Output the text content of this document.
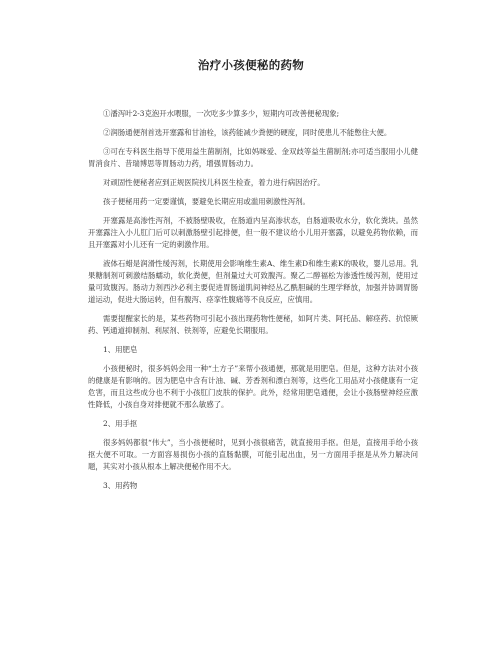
治疗小孩便秘的药物

①潘泻叶2-3克泡开水喂服，一次吃多少算多少，短期内可改善便秘现象;

②润肠通便剂首选开塞露和甘油栓，该药能减少粪便的硬度，同时使患儿不能憋住大便。

③可在专科医生指导下使用益生菌制剂，比如妈咪爱、金双歧等益生菌制剂;亦可适当服用小儿健胃消食片、昔瑞博思等胃肠动力药，增强胃肠动力。

对顽固性便秘者应到正规医院找儿科医生检查，着力进行病因治疗。

孩子便秘用药一定要谨慎，要避免长期应用或滥用刺激性泻剂。

开塞露是高渗性泻剂，不被肠壁吸收，在肠道内呈高渗状态，自肠道吸收水分，软化粪块。虽然开塞露注入小儿肛门后可以刺激肠壁引起排便，但一般不建议给小儿用开塞露，以避免药物依赖，而且开塞露对小儿还有一定的刺激作用。

液体石蜡是润滑性缓泻剂，长期使用会影响维生素A、维生素D和维生素K的吸收，婴儿忌用。乳果糖制剂可刺激结肠蠕动，软化粪便，但剂量过大可致腹泻。聚乙二醇福松为渗透性缓泻剂，使用过量可致腹泻。肠动力剂西沙必利主要促进胃肠道肌间神经丛乙酰胆碱的生理学释放，加强并协调胃肠道运动，促进大肠运转，但有腹泻、痉挛性腹痛等不良反应，应慎用。

需要提醒家长的是，某些药物可引起小孩出现药物性便秘，如阿片类、阿托品、解痉药、抗惊厥药、钙通道抑制剂、利尿剂、铁剂等，应避免长期服用。

1、用肥皂

小孩便秘时，很多妈妈会用一种“土方子”来帮小孩通便，那就是用肥皂。但是，这种方法对小孩的健康是有影响的。因为肥皂中含有计油、碱、芳香剂和漂白剂等，这些化工用品对小孩健康有一定危害，而且这些成分也不利于小孩肛门皮肤的保护。此外，经常用肥皂通便，会让小孩肠壁神经应激性降低，小孩自身对排便就不那么敏感了。

2、用手抠

很多妈妈都很“伟大”，当小孩便秘时，见到小孩很痛苦，就直接用手抠。但是，直接用手给小孩抠大便不可取。一方面容易损伤小孩的直肠黏膜，可能引起出血，另一方面用手抠是从外力解决问题，其实对小孩从根本上解决便秘作用不大。

3、用药物
